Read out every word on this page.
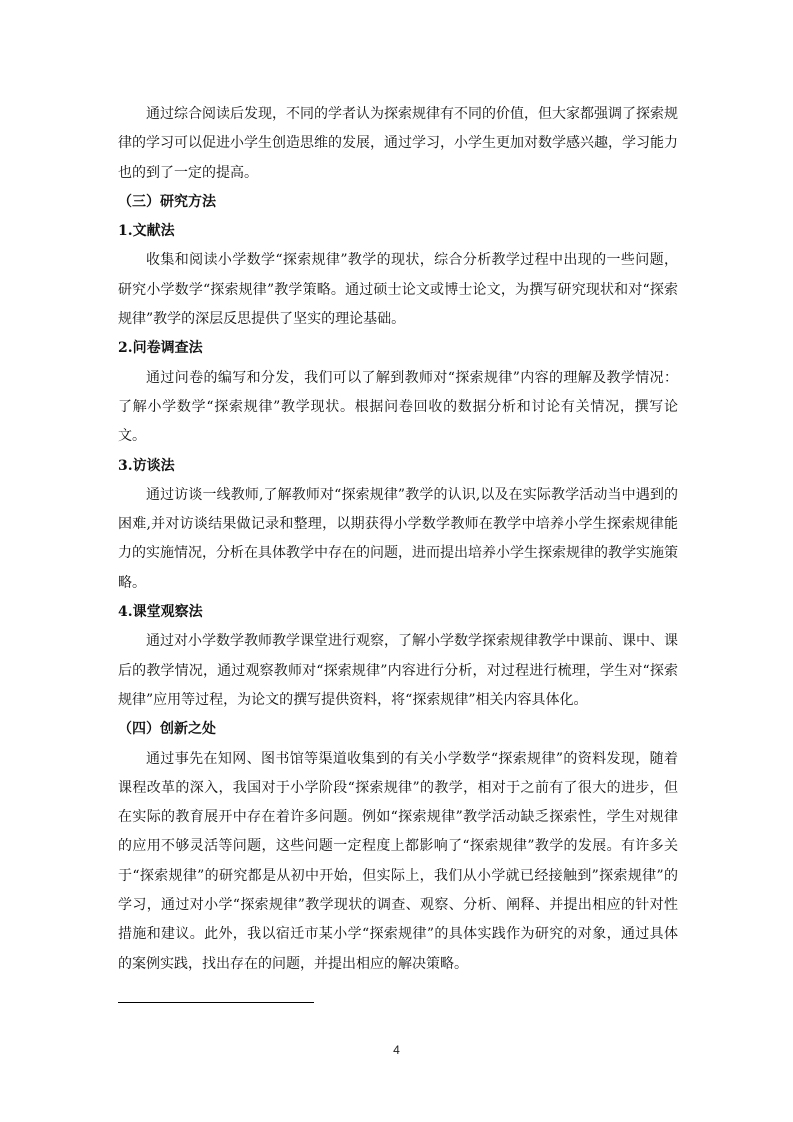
通过综合阅读后发现，不同的学者认为探索规律有不同的价值，但大家都强调了探索规律的学习可以促进小学生创造思维的发展，通过学习，小学生更加对数学感兴趣，学习能力也的到了一定的提高。

（三）研究方法

1.文献法

收集和阅读小学数学“探索规律”教学的现状，综合分析教学过程中出现的一些问题，研究小学数学“探索规律”教学策略。通过硕士论文或博士论文，为撰写研究现状和对“探索规律”教学的深层反思提供了坚实的理论基础。

2.问卷调查法

通过问卷的编写和分发，我们可以了解到教师对“探索规律”内容的理解及教学情况：了解小学数学“探索规律”教学现状。根据问卷回收的数据分析和讨论有关情况，撰写论文。

3.访谈法

通过访谈一线教师,了解教师对“探索规律”教学的认识,以及在实际教学活动当中遇到的困难,并对访谈结果做记录和整理，以期获得小学数学教师在教学中培养小学生探索规律能力的实施情况，分析在具体教学中存在的问题，进而提出培养小学生探索规律的教学实施策略。

4.课堂观察法

通过对小学数学教师教学课堂进行观察，了解小学数学探索规律教学中课前、课中、课后的教学情况，通过观察教师对“探索规律”内容进行分析，对过程进行梳理，学生对“探索规律”应用等过程，为论文的撰写提供资料，将“探索规律”相关内容具体化。

（四）创新之处

通过事先在知网、图书馆等渠道收集到的有关小学数学“探索规律”的资料发现，随着课程改革的深入，我国对于小学阶段“探索规律”的教学，相对于之前有了很大的进步，但在实际的教育展开中存在着许多问题。例如“探索规律”教学活动缺乏探索性，学生对规律的应用不够灵活等问题，这些问题一定程度上都影响了“探索规律”教学的发展。有许多关于“探索规律”的研究都是从初中开始，但实际上，我们从小学就已经接触到”探索规律”的学习，通过对小学“探索规律”教学现状的调查、观察、分析、阐释、并提出相应的针对性措施和建议。此外，我以宿迁市某小学“探索规律”的具体实践作为研究的对象，通过具体的案例实践，找出存在的问题，并提出相应的解决策略。

4
